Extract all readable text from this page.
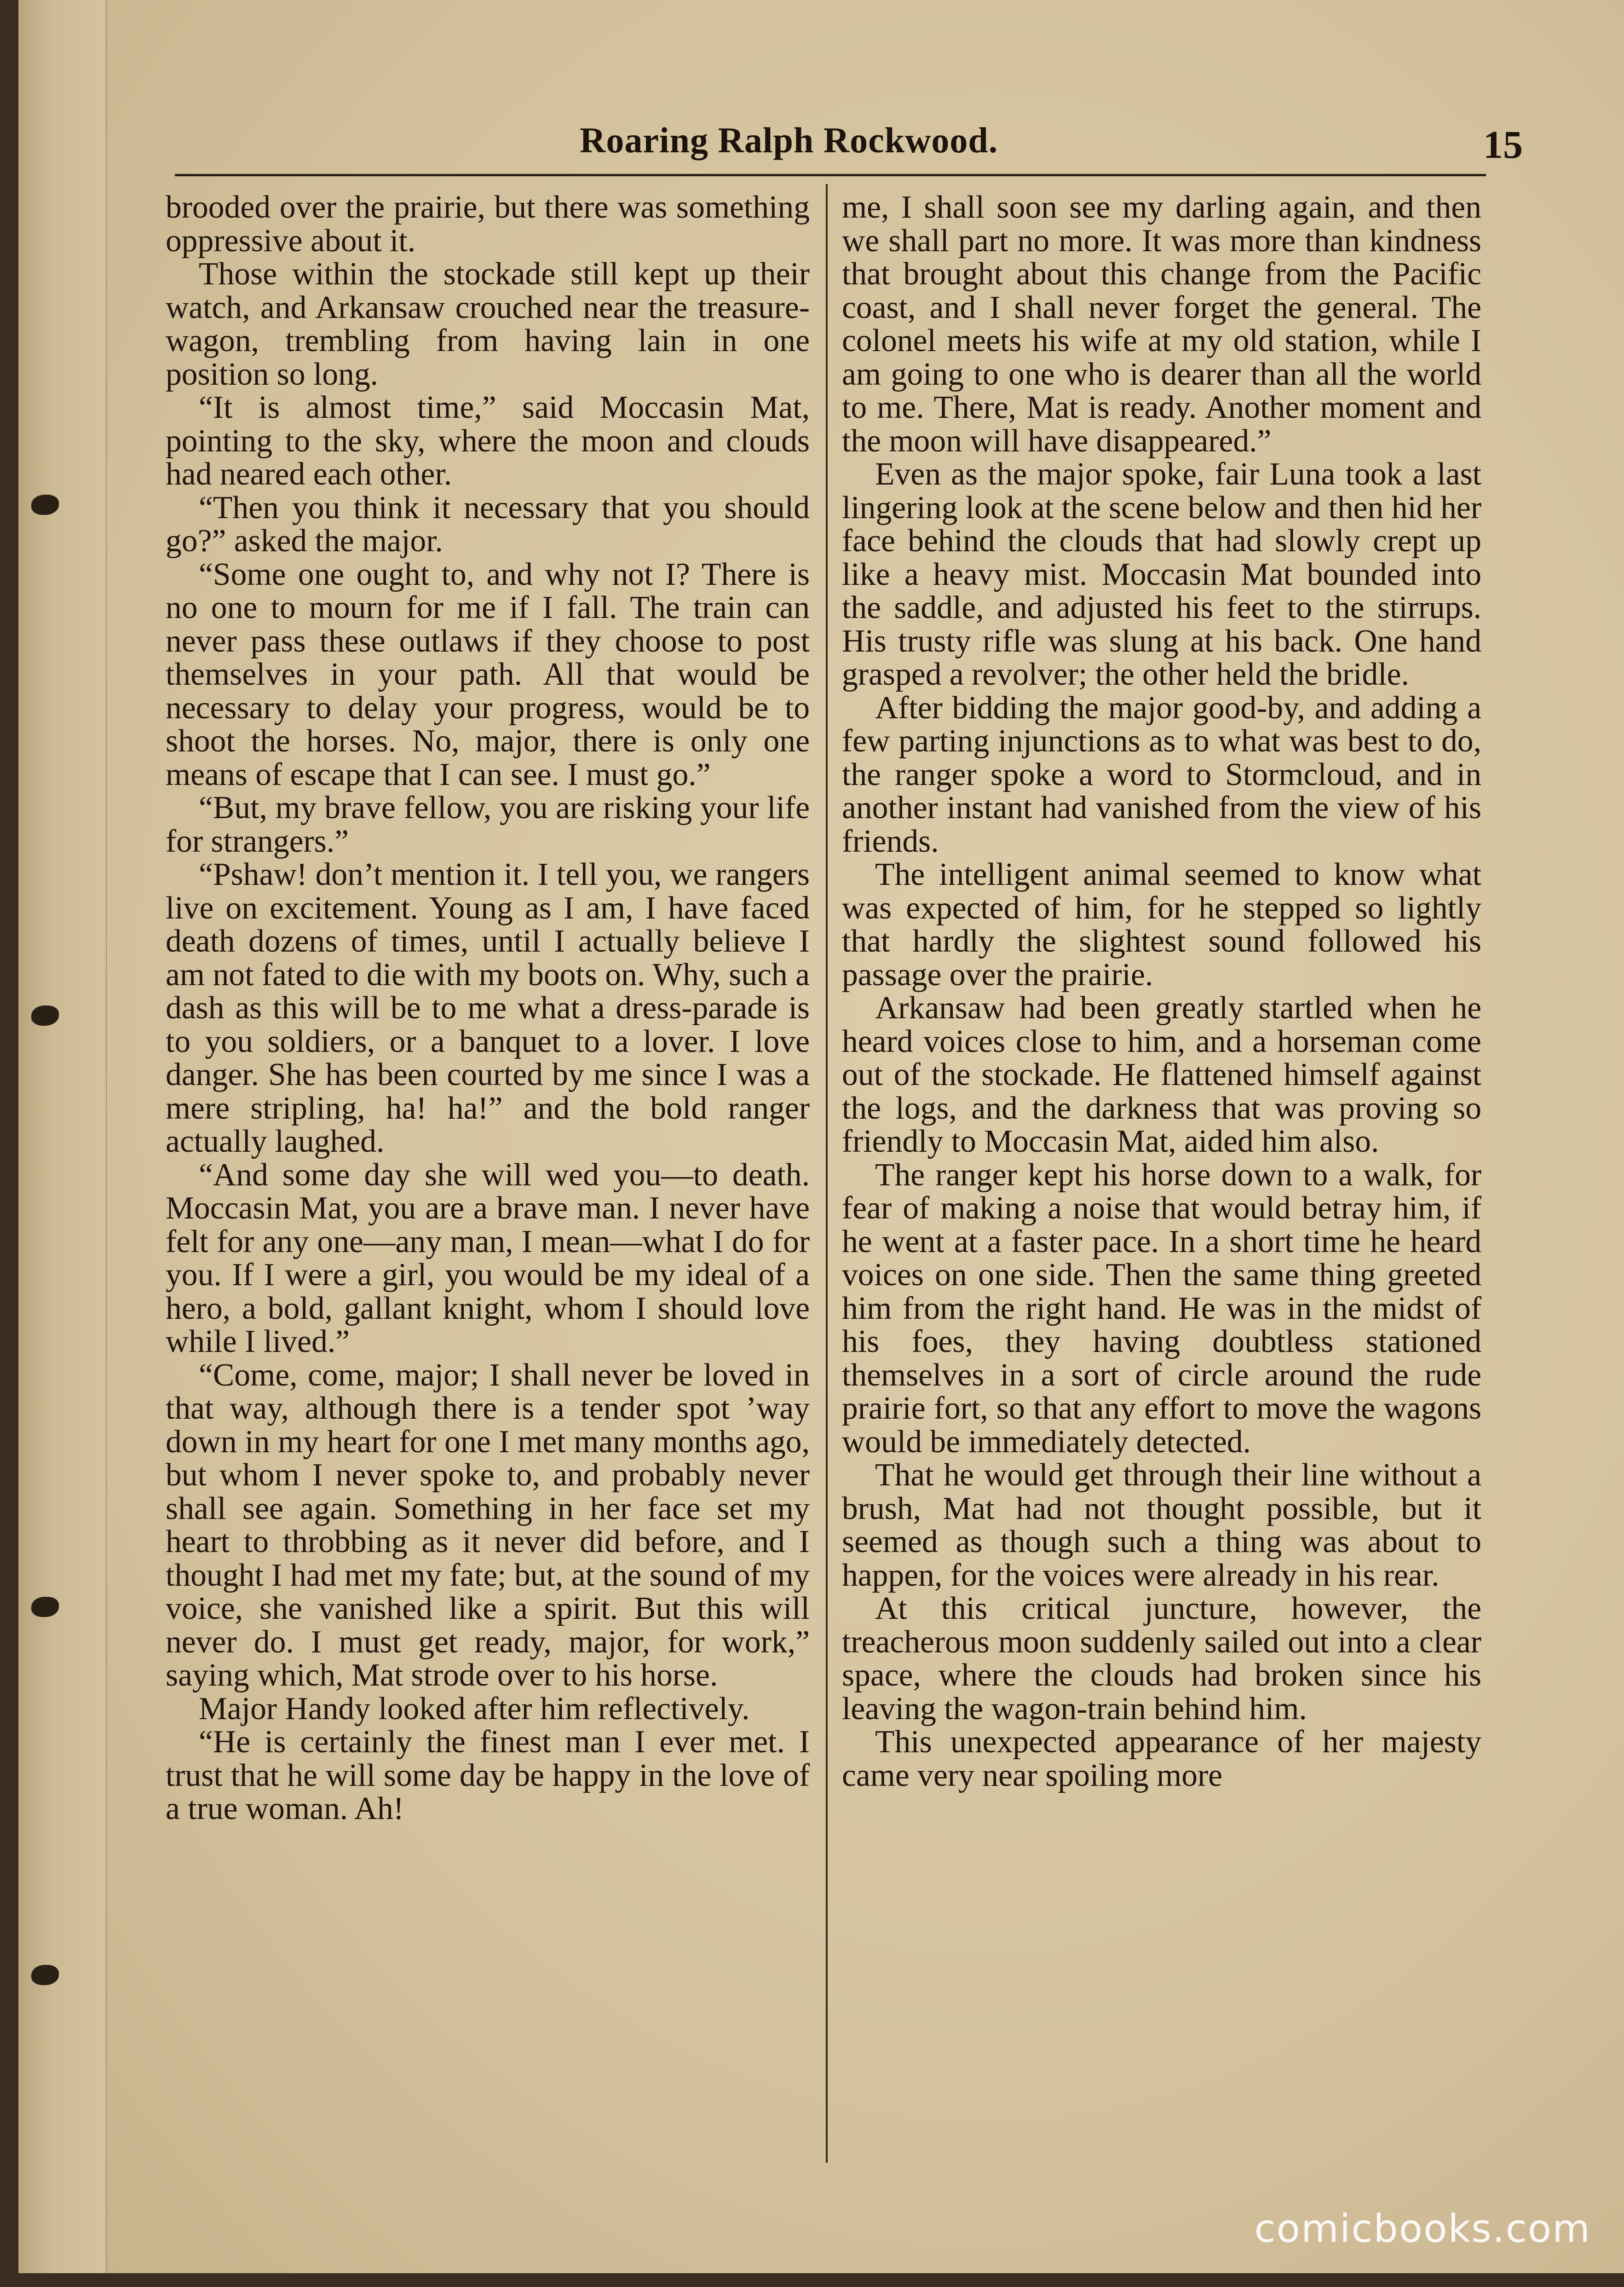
Roaring Ralph Rockwood.	15

brooded over the prairie, but there was something oppressive about it.

Those within the stockade still kept up their watch, and Arkansaw crouched near the treasure-wagon, trembling from having lain in one position so long.

“It is almost time,” said Moccasin Mat, pointing to the sky, where the moon and clouds had neared each other.

“Then you think it necessary that you should go?” asked the major.

“Some one ought to, and why not I? There is no one to mourn for me if I fall. The train can never pass these outlaws if they choose to post themselves in your path. All that would be necessary to delay your progress, would be to shoot the horses. No, major, there is only one means of escape that I can see. I must go.”

“But, my brave fellow, you are risking your life for strangers.”

“Pshaw! don’t mention it. I tell you, we rangers live on excitement. Young as I am, I have faced death dozens of times, until I actually believe I am not fated to die with my boots on. Why, such a dash as this will be to me what a dress-parade is to you soldiers, or a banquet to a lover. I love danger. She has been courted by me since I was a mere stripling, ha! ha!” and the bold ranger actually laughed.

“And some day she will wed you—to death. Moccasin Mat, you are a brave man. I never have felt for any one—any man, I mean—what I do for you. If I were a girl, you would be my ideal of a hero, a bold, gallant knight, whom I should love while I lived.”

“Come, come, major; I shall never be loved in that way, although there is a tender spot ’way down in my heart for one I met many months ago, but whom I never spoke to, and probably never shall see again. Something in her face set my heart to throbbing as it never did before, and I thought I had met my fate; but, at the sound of my voice, she vanished like a spirit. But this will never do. I must get ready, major, for work,” saying which, Mat strode over to his horse.

Major Handy looked after him reflectively.

“He is certainly the finest man I ever met. I trust that he will some day be happy in the love of a true woman. Ah!

me, I shall soon see my darling again, and then we shall part no more. It was more than kindness that brought about this change from the Pacific coast, and I shall never forget the general. The colonel meets his wife at my old station, while I am going to one who is dearer than all the world to me. There, Mat is ready. Another moment and the moon will have disappeared.”

Even as the major spoke, fair Luna took a last lingering look at the scene below and then hid her face behind the clouds that had slowly crept up like a heavy mist. Moccasin Mat bounded into the saddle, and adjusted his feet to the stirrups. His trusty rifle was slung at his back. One hand grasped a revolver; the other held the bridle.

After bidding the major good-by, and adding a few parting injunctions as to what was best to do, the ranger spoke a word to Stormcloud, and in another instant had vanished from the view of his friends.

The intelligent animal seemed to know what was expected of him, for he stepped so lightly that hardly the slightest sound followed his passage over the prairie.

Arkansaw had been greatly startled when he heard voices close to him, and a horseman come out of the stockade. He flattened himself against the logs, and the darkness that was proving so friendly to Moccasin Mat, aided him also.

The ranger kept his horse down to a walk, for fear of making a noise that would betray him, if he went at a faster pace. In a short time he heard voices on one side. Then the same thing greeted him from the right hand. He was in the midst of his foes, they having doubtless stationed themselves in a sort of circle around the rude prairie fort, so that any effort to move the wagons would be immediately detected.

That he would get through their line without a brush, Mat had not thought possible, but it seemed as though such a thing was about to happen, for the voices were already in his rear.

At this critical juncture, however, the treacherous moon suddenly sailed out into a clear space, where the clouds had broken since his leaving the wagon-train behind him.

This unexpected appearance of her majesty came very near spoiling more

comicbooks.com
